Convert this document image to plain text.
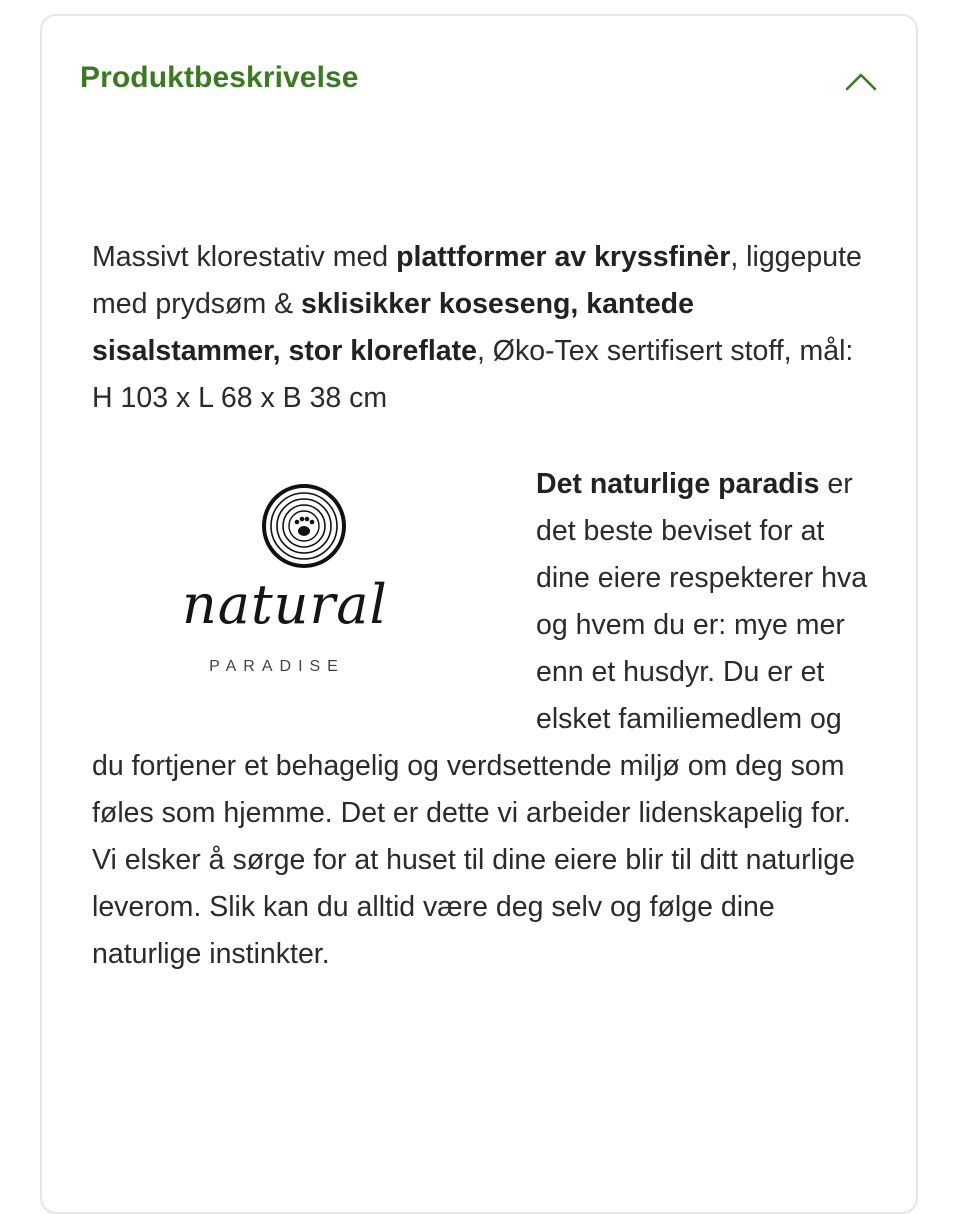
Produktbeskrivelse

Massivt klorestativ med plattformer av kryssfinèr, liggepute med prydsøm & sklisikker koseseng, kantede sisalstammer, stor kloreflate, Øko-Tex sertifisert stoff, mål: H 103 x L 68 x B 38 cm

natural
PARADISE
Det naturlige paradis er det beste beviset for at dine eiere respekterer hva og hvem du er: mye mer enn et husdyr. Du er et elsket familiemedlem og du fortjener et behagelig og verdsettende miljø om deg som føles som hjemme. Det er dette vi arbeider lidenskapelig for. Vi elsker å sørge for at huset til dine eiere blir til ditt naturlige leverom. Slik kan du alltid være deg selv og følge dine naturlige instinkter.
